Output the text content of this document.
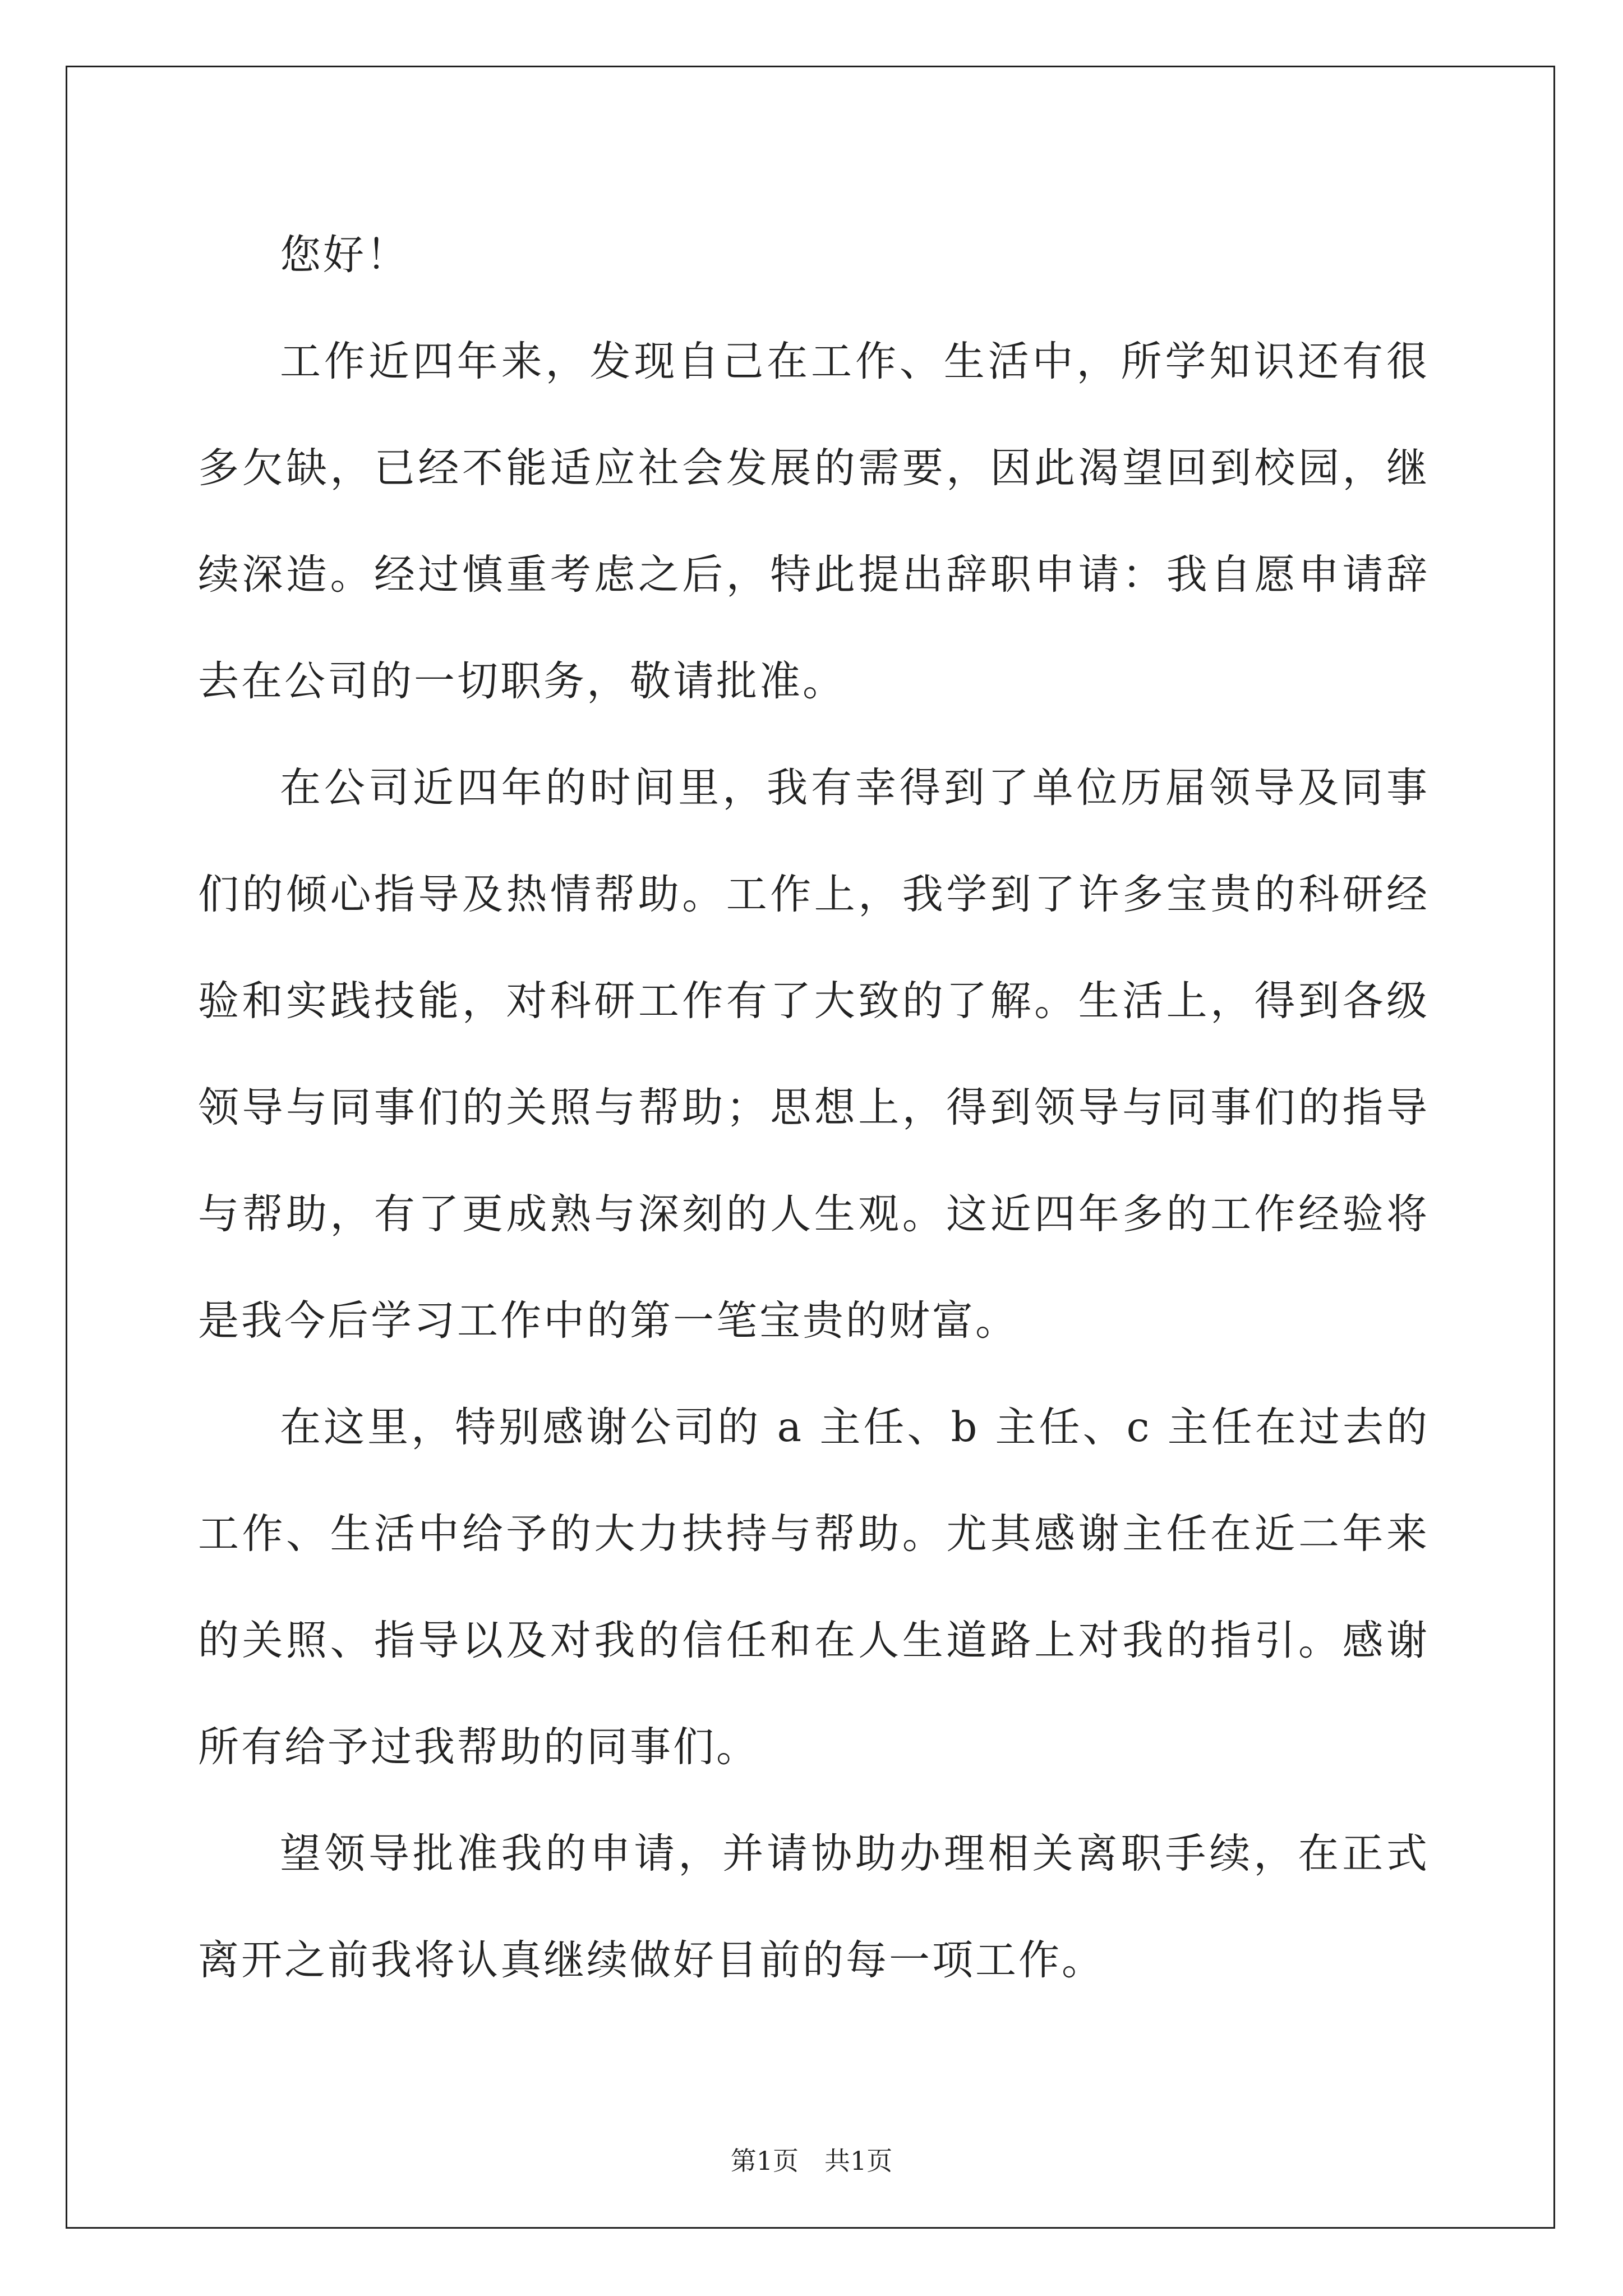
您好！

工作近四年来，发现自己在工作、生活中，所学知识还有很多欠缺，已经不能适应社会发展的需要，因此渴望回到校园，继续深造。经过慎重考虑之后，特此提出辞职申请：我自愿申请辞去在公司的一切职务，敬请批准。

在公司近四年的时间里，我有幸得到了单位历届领导及同事们的倾心指导及热情帮助。工作上，我学到了许多宝贵的科研经验和实践技能，对科研工作有了大致的了解。生活上，得到各级领导与同事们的关照与帮助；思想上，得到领导与同事们的指导与帮助，有了更成熟与深刻的人生观。这近四年多的工作经验将是我今后学习工作中的第一笔宝贵的财富。

在这里，特别感谢公司的 a 主任、b 主任、c 主任在过去的工作、生活中给予的大力扶持与帮助。尤其感谢主任在近二年来的关照、指导以及对我的信任和在人生道路上对我的指引。感谢所有给予过我帮助的同事们。

望领导批准我的申请，并请协助办理相关离职手续，在正式离开之前我将认真继续做好目前的每一项工作。

第1页 共1页
